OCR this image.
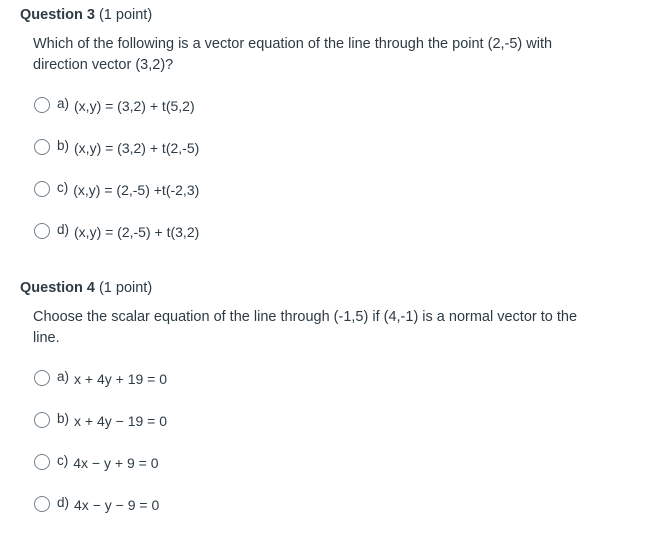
Question 3 (1 point)
Which of the following is a vector equation of the line through the point (2,-5) with direction vector (3,2)?
a) (x,y) = (3,2) + t(5,2)
b) (x,y) = (3,2) + t(2,-5)
c) (x,y) = (2,-5) +t(-2,3)
d) (x,y) = (2,-5) + t(3,2)
Question 4 (1 point)
Choose the scalar equation of the line through (-1,5) if (4,-1) is a normal vector to the line.
a) x + 4y + 19 = 0
b) x + 4y − 19 = 0
c) 4x − y + 9 = 0
d) 4x − y − 9 = 0
